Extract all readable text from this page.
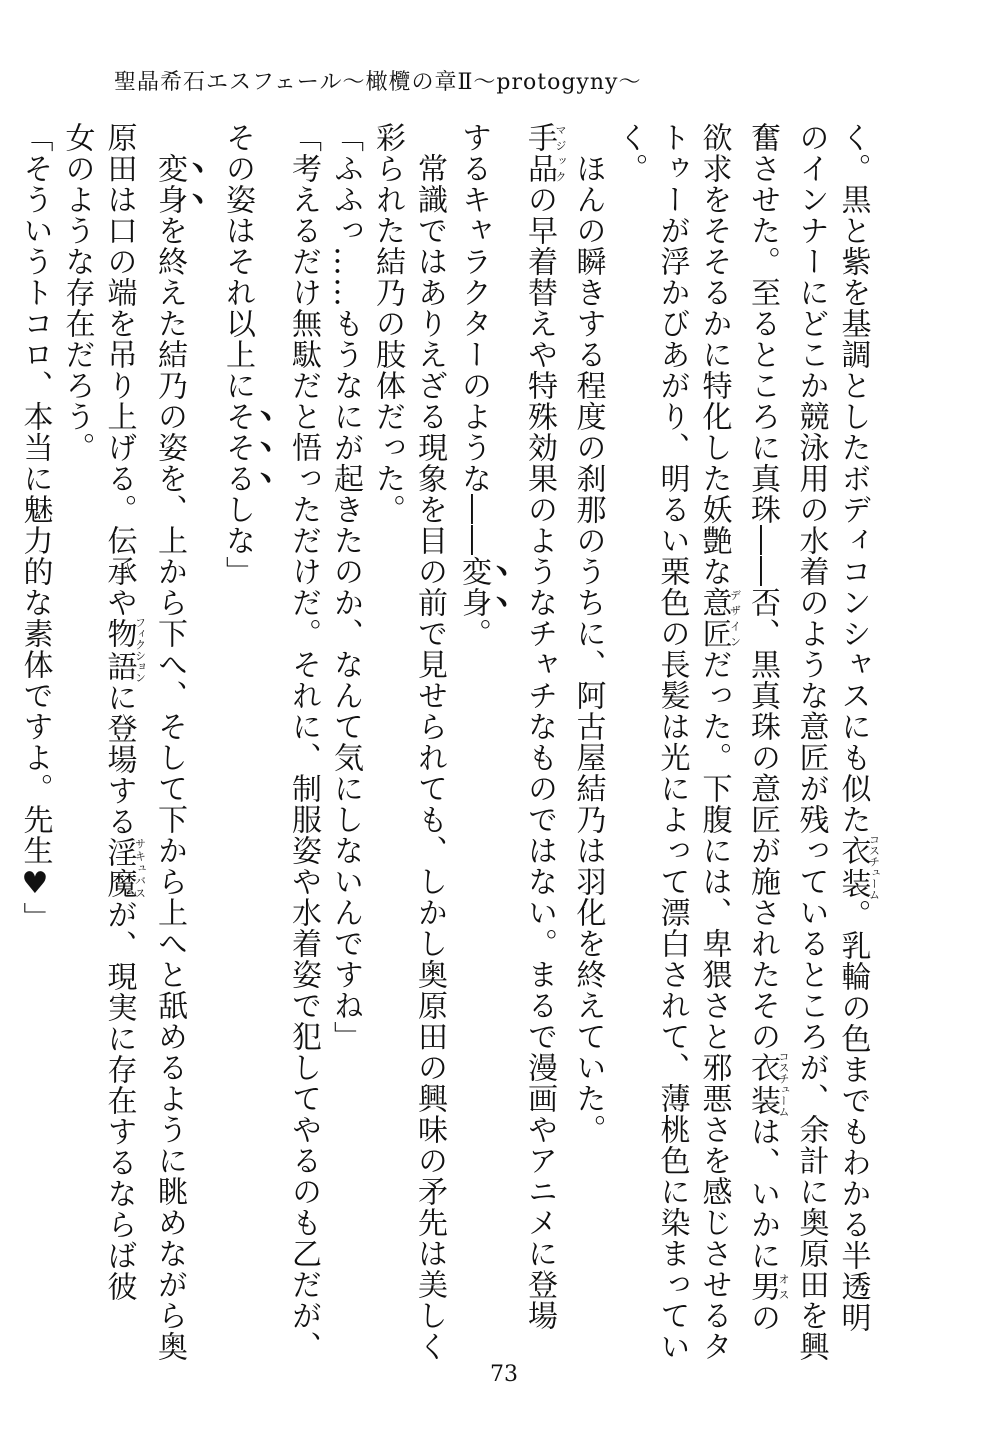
聖晶希石エスフェール～橄欖の章Ⅱ～protogyny～
く。黒と紫を基調としたボディコンシャスにも似た衣装コスチューム。乳輪の色までもわかる半透明
のインナーにどこか競泳用の水着のような意匠が残っているところが、余計に奥原田を興
奮させた。至るところに真珠――否、黒真珠の意匠が施されたその衣装コスチュームは、いかに男オスの
欲求をそそるかに特化した妖艶な意匠デザインだった。下腹には、卑猥さと邪悪さを感じさせるタ
トゥーが浮かびあがり、明るい栗色の長髪は光によって漂白されて、薄桃色に染まってい
く。
　ほんの瞬きする程度の刹那のうちに、阿古屋結乃は羽化を終えていた。
手品マジックの早着替えや特殊効果のようなチャチなものではない。まるで漫画やアニメに登場
するキャラクターのような――変身。
　常識ではありえざる現象を目の前で見せられても、しかし奥原田の興味の矛先は美しく
彩られた結乃の肢体だった。
「ふふっ……もうなにが起きたのか、なんて気にしないんですね」
「考えるだけ無駄だと悟っただけだ。それに、制服姿や水着姿で犯してやるのも乙だが、
その姿はそれ以上にそそるしな」
　変身を終えた結乃の姿を、上から下へ、そして下から上へと舐めるように眺めながら奥
原田は口の端を吊り上げる。伝承や物語フィクションに登場する淫魔サキュバスが、現実に存在するならば彼
女のような存在だろう。
「そういうトコロ、本当に魅力的な素体ですよ。先生♥」
73
